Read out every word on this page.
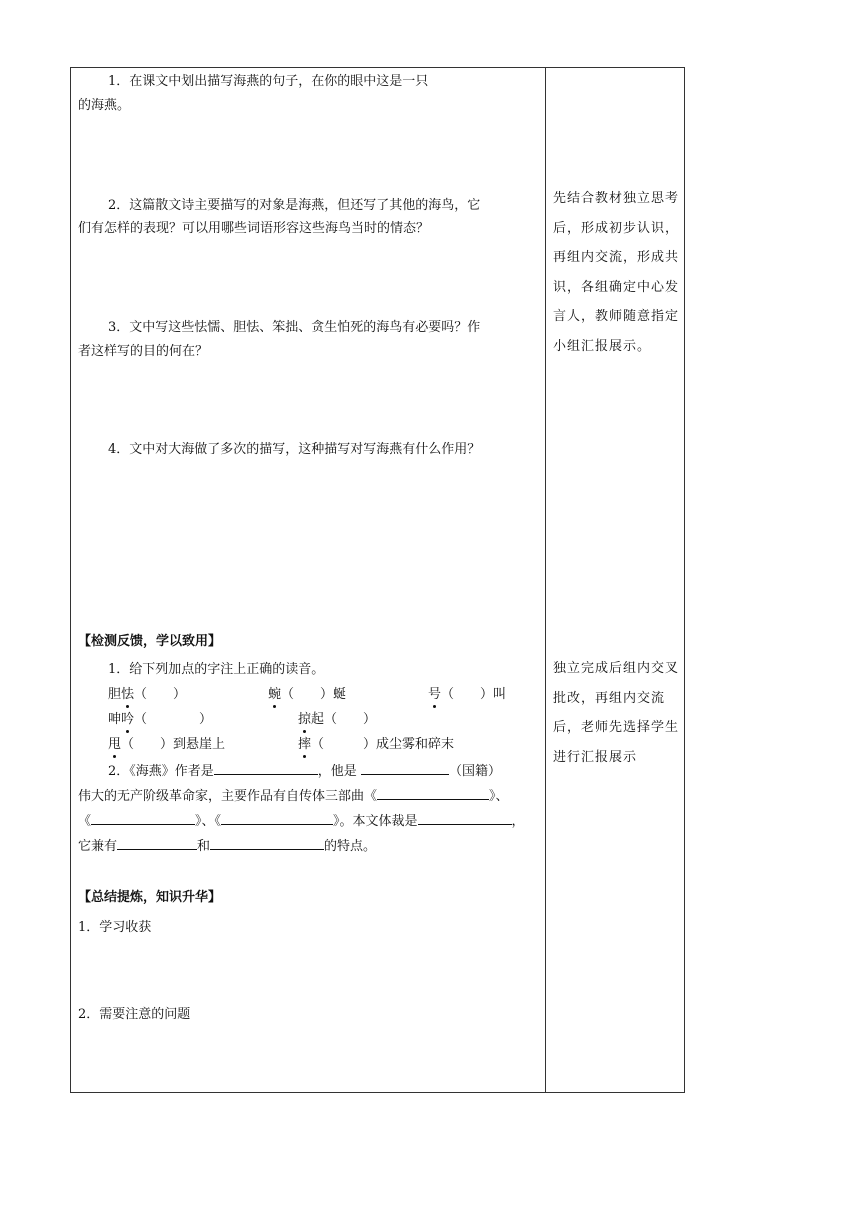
1．在课文中划出描写海燕的句子，在你的眼中这是一只
的海燕。
2．这篇散文诗主要描写的对象是海燕，但还写了其他的海鸟，它
们有怎样的表现？可以用哪些词语形容这些海鸟当时的情态？
3．文中写这些怯懦、胆怯、笨拙、贪生怕死的海鸟有必要吗？作
者这样写的目的何在？
4．文中对大海做了多次的描写，这种描写对写海燕有什么作用？
先结合教材独立思考后，形成初步认识，再组内交流，形成共识，各组确定中心发言人，教师随意指定小组汇报展示。
独立完成后组内交叉批改，再组内交流后，老师先选择学生进行汇报展示
【检测反馈，学以致用】
1．给下列加点的字注上正确的读音。
胆怯（　　）	蜿（　　）蜒	号（　　）叫
呻吟（　　　　）	掠起（　　）
甩（　　）到悬崖上	摔（　　　）成尘雾和碎末
2．《海燕》作者是	，他是	（国籍）
伟大的无产阶级革命家，主要作品有自传体三部曲《	》、
《	》、《	》。本文体裁是	，
它兼有	和	的特点。
【总结提炼，知识升华】
1．学习收获
2．需要注意的问题
